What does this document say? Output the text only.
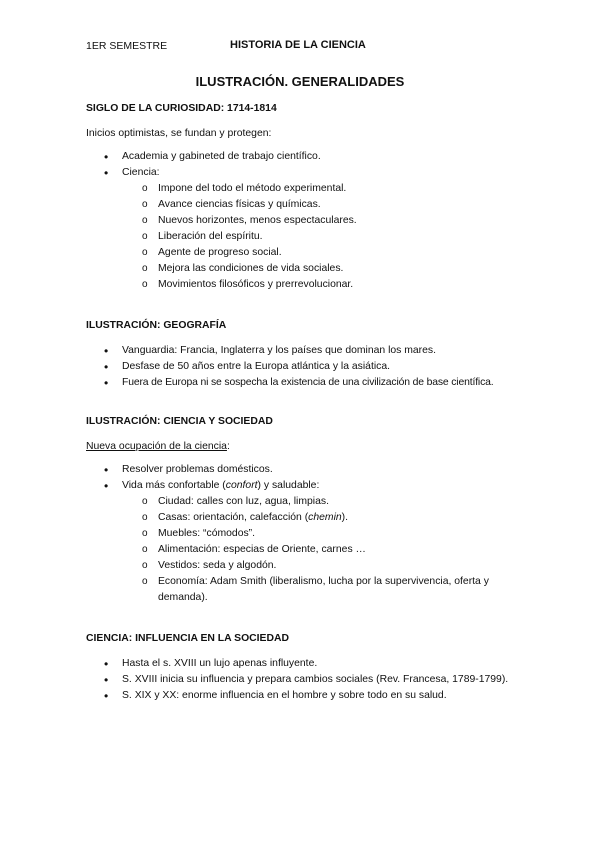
1ER SEMESTRE	HISTORIA DE LA CIENCIA
ILUSTRACIÓN. GENERALIDADES

SIGLO DE LA CURIOSIDAD: 1714-1814

Inicios optimistas, se fundan y protegen:

• Academia y gabineted de trabajo científico.
• Ciencia:
o Impone del todo el método experimental.
o Avance ciencias físicas y químicas.
o Nuevos horizontes, menos espectaculares.
o Liberación del espíritu.
o Agente de progreso social.
o Mejora las condiciones de vida sociales.
o Movimientos filosóficos y prerrevolucionar.

ILUSTRACIÓN: GEOGRAFÍA

• Vanguardia: Francia, Inglaterra y los países que dominan los mares.
• Desfase de 50 años entre la Europa atlántica y la asiática.
• Fuera de Europa ni se sospecha la existencia de una civilización de base científica.

ILUSTRACIÓN: CIENCIA Y SOCIEDAD

Nueva ocupación de la ciencia:

• Resolver problemas domésticos.
• Vida más confortable (confort) y saludable:
o Ciudad: calles con luz, agua, limpias.
o Casas: orientación, calefacción (chemin).
o Muebles: “cómodos”.
o Alimentación: especias de Oriente, carnes …
o Vestidos: seda y algodón.
o Economía: Adam Smith (liberalismo, lucha por la supervivencia, oferta y demanda).

CIENCIA: INFLUENCIA EN LA SOCIEDAD

• Hasta el s. XVIII un lujo apenas influyente.
• S. XVIII inicia su influencia y prepara cambios sociales (Rev. Francesa, 1789-1799).
• S. XIX y XX: enorme influencia en el hombre y sobre todo en su salud.
